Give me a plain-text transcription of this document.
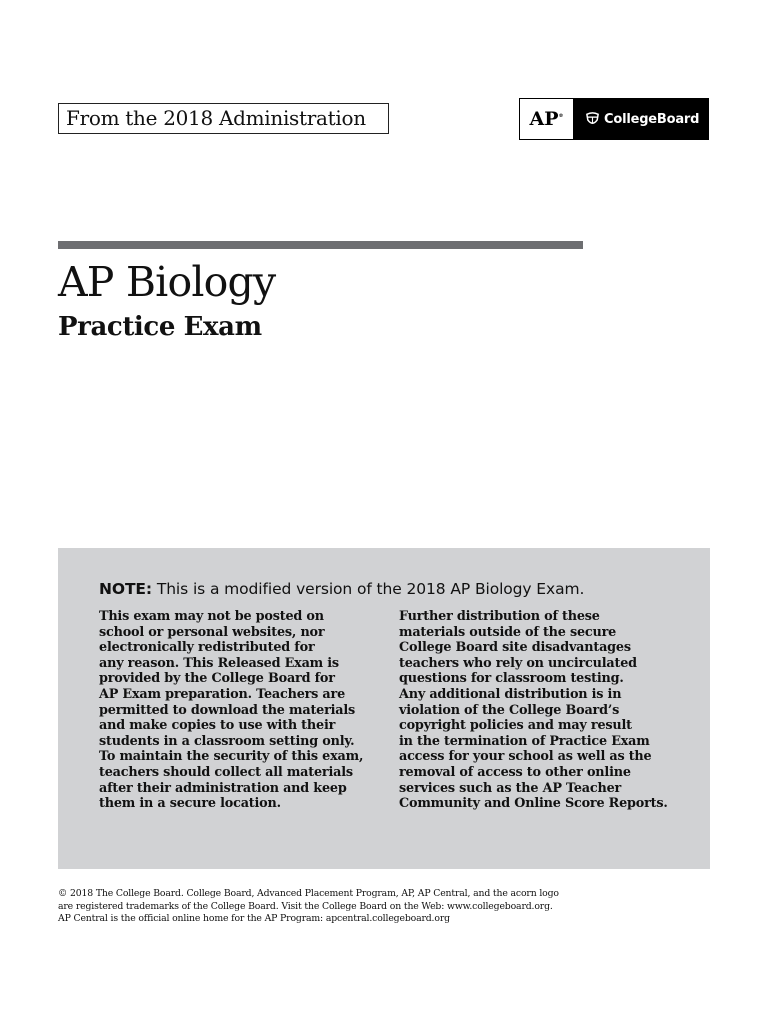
From the 2018 Administration	AP ®	CollegeBoard
AP Biology
Practice Exam
NOTE: This is a modified version of the 2018 AP Biology Exam.
This exam may not be posted on
school or personal websites, nor
electronically redistributed for
any reason. This Released Exam is
provided by the College Board for
AP Exam preparation. Teachers are
permitted to download the materials
and make copies to use with their
students in a classroom setting only.
To maintain the security of this exam,
teachers should collect all materials
after their administration and keep
them in a secure location.
Further distribution of these
materials outside of the secure
College Board site disadvantages
teachers who rely on uncirculated
questions for classroom testing.
Any additional distribution is in
violation of the College Board’s
copyright policies and may result
in the termination of Practice Exam
access for your school as well as the
removal of access to other online
services such as the AP Teacher
Community and Online Score Reports.
© 2018 The College Board. College Board, Advanced Placement Program, AP, AP Central, and the acorn logo
are registered trademarks of the College Board. Visit the College Board on the Web: www.collegeboard.org.
AP Central is the official online home for the AP Program: apcentral.collegeboard.org
